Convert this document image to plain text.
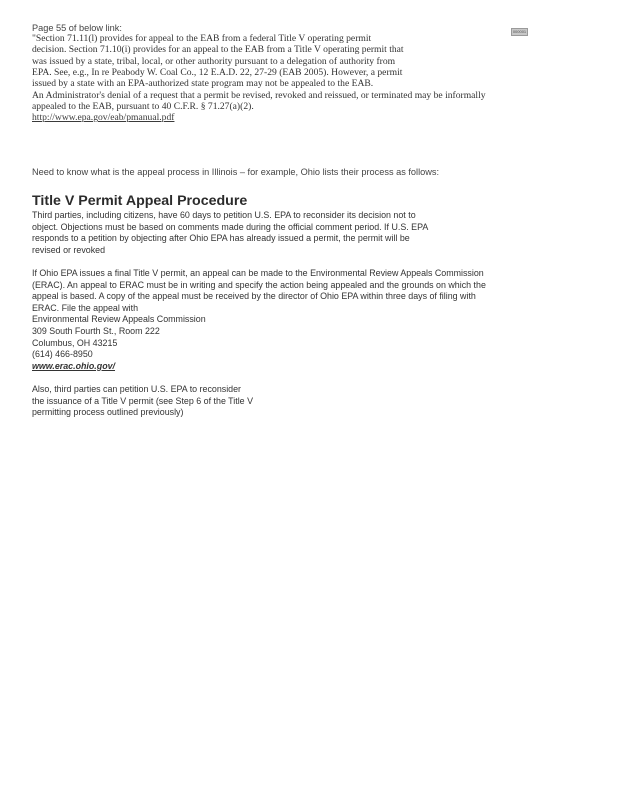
Page 55 of below link:	000001
"Section 71.11(l) provides for appeal to the EAB from a federal Title V operating permit
decision. Section 71.10(i) provides for an appeal to the EAB from a Title V operating permit that
was issued by a state, tribal, local, or other authority pursuant to a delegation of authority from
EPA. See, e.g., In re Peabody W. Coal Co., 12 E.A.D. 22, 27-29 (EAB 2005). However, a permit
issued by a state with an EPA-authorized state program may not be appealed to the EAB.
An Administrator's denial of a request that a permit be revised, revoked and reissued, or terminated may be informally
appealed to the EAB, pursuant to 40 C.F.R. § 71.27(a)(2).
http://www.epa.gov/eab/pmanual.pdf
Need to know what is the appeal process in Illinois – for example, Ohio lists their process as follows:
Title V Permit Appeal Procedure
Third parties, including citizens, have 60 days to petition U.S. EPA to reconsider its decision not to
object. Objections must be based on comments made during the official comment period. If U.S. EPA
responds to a petition by objecting after Ohio EPA has already issued a permit, the permit will be
revised or revoked
If Ohio EPA issues a final Title V permit, an appeal can be made to the Environmental Review Appeals Commission
(ERAC). An appeal to ERAC must be in writing and specify the action being appealed and the grounds on which the
appeal is based. A copy of the appeal must be received by the director of Ohio EPA within three days of filing with
ERAC. File the appeal with
Environmental Review Appeals Commission
309 South Fourth St., Room 222
Columbus, OH 43215
(614) 466-8950
www.erac.ohio.gov/
Also, third parties can petition U.S. EPA to reconsider
the issuance of a Title V permit (see Step 6 of the Title V
permitting process outlined previously)
